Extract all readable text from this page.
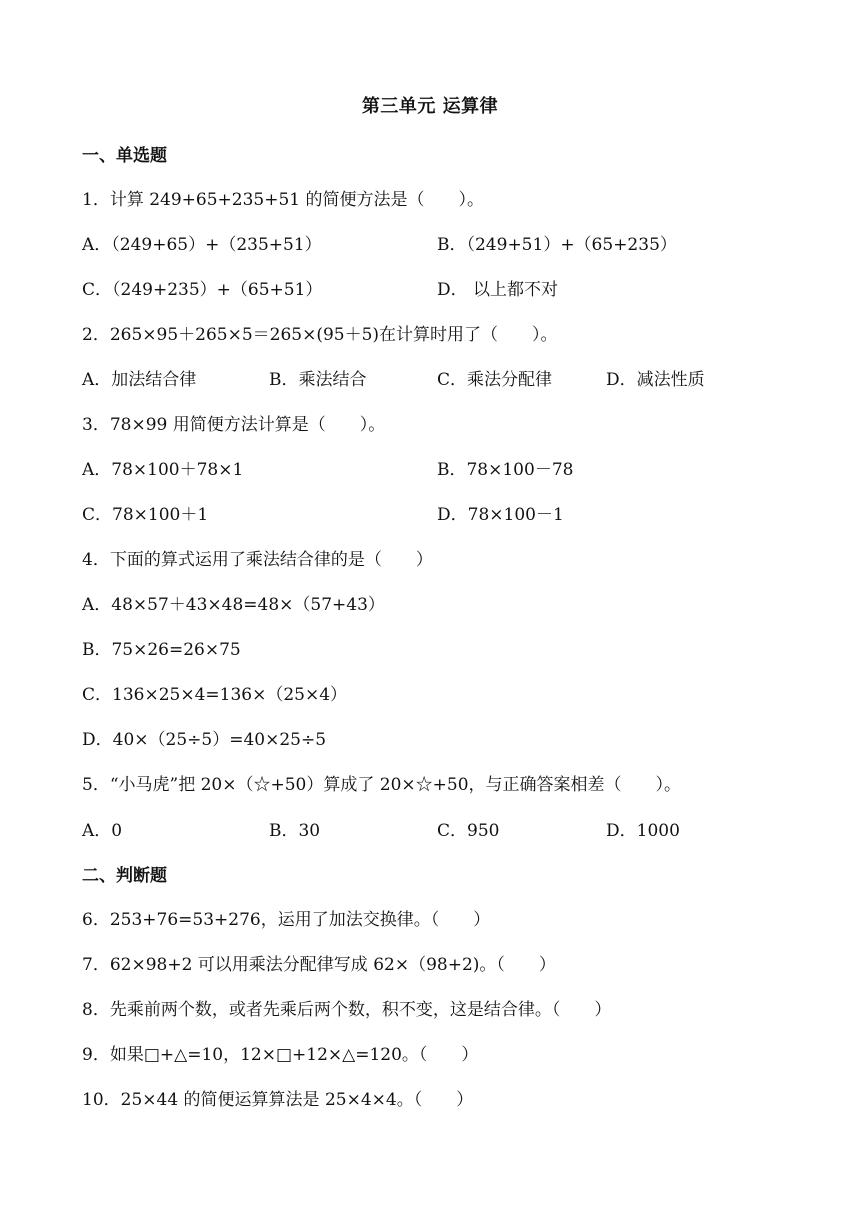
第三单元 运算律
一、单选题
1．计算 249+65+235+51 的简便方法是（　　）。
A．（249+65）+（235+51）	B．（249+51）+（65+235）
C．（249+235）+（65+51）	D． 以上都不对
2．265×95＋265×5＝265×(95＋5)在计算时用了（　　）。
A．加法结合律	B．乘法结合	C．乘法分配律	D．减法性质
3．78×99 用简便方法计算是（　　）。
A．78×100＋78×1	B．78×100－78
C．78×100＋1	D．78×100－1
4．下面的算式运用了乘法结合律的是（　　）
A．48×57＋43×48=48×（57+43）
B．75×26=26×75
C．136×25×4=136×（25×4）
D．40×（25÷5）=40×25÷5
5．“小马虎”把 20×（☆+50）算成了 20×☆+50，与正确答案相差（　　）。
A．0	B．30	C．950	D．1000
二、判断题
6．253+76=53+276，运用了加法交换律。（　　）
7．62×98+2 可以用乘法分配律写成 62×（98+2)。（　　）
8．先乘前两个数，或者先乘后两个数，积不变，这是结合律。（　　）
9．如果□+△=10，12×□+12×△=120。（　　）
10．25×44 的简便运算算法是 25×4×4。（　　）
